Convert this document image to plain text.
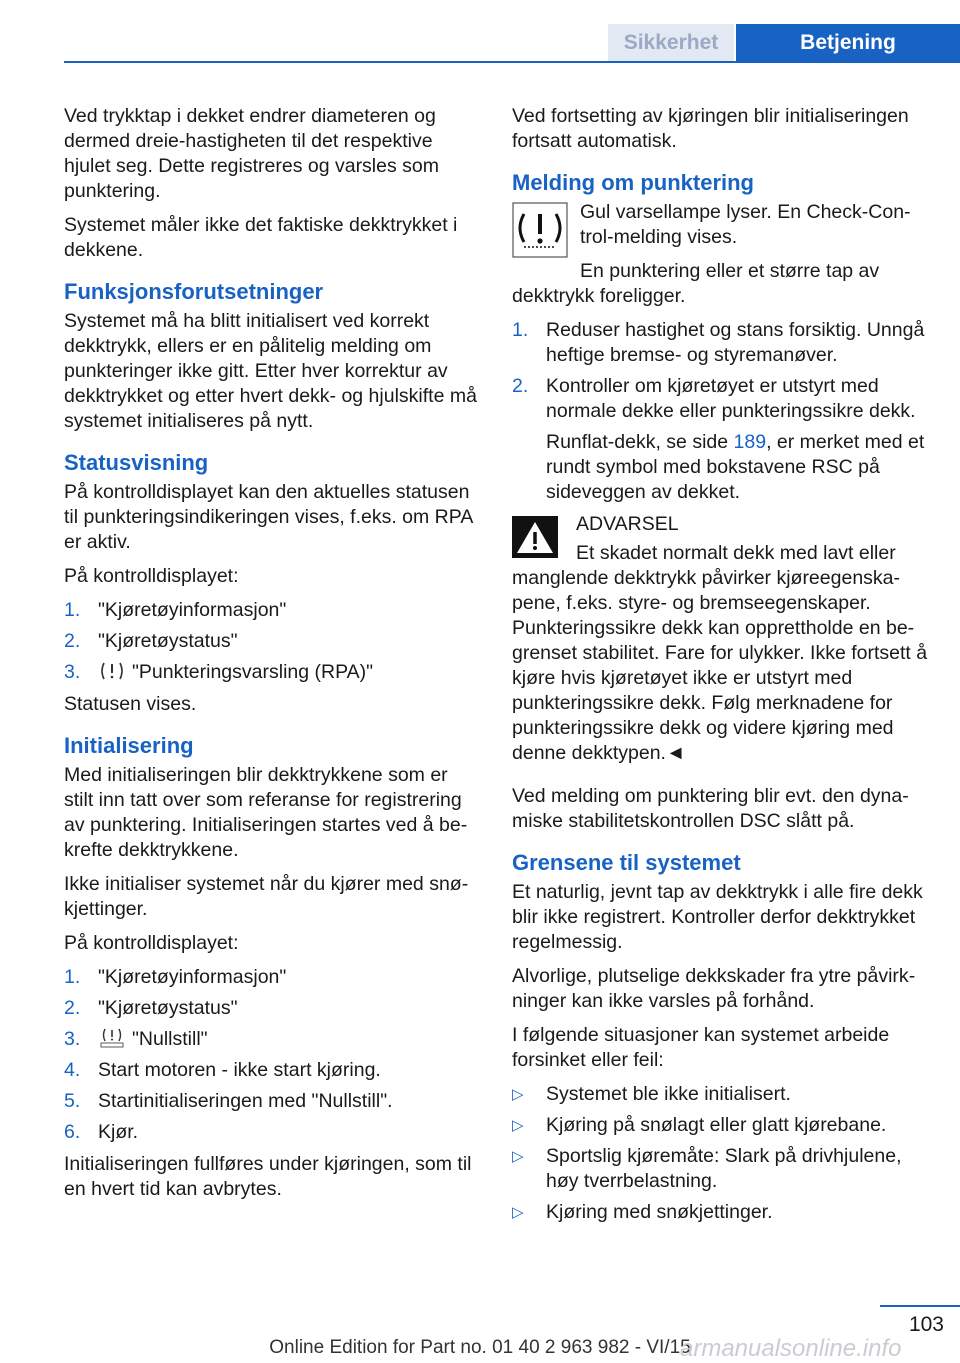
Sikkerhet	Betjening

Ved trykktap i dekket endrer diameteren og dermed dreie-hastigheten til det respektive hjulet seg. Dette registreres og varsles som punktering.

Systemet måler ikke det faktiske dekktrykket i dekkene.

Funksjonsforutsetninger

Systemet må ha blitt initialisert ved korrekt dekktrykk, ellers er en pålitelig melding om punkteringer ikke gitt. Etter hver korrektur av dekktrykket og etter hvert dekk- og hjulskifte må systemet initialiseres på nytt.

Statusvisning

På kontrolldisplayet kan den aktuelles statusen til punkteringsindikeringen vises, f.eks. om RPA er aktiv.

På kontrolldisplayet:

1. "Kjøretøyinformasjon"
2. "Kjøretøystatus"
3.	"Punkteringsvarsling (RPA)"

Statusen vises.

Initialisering

Med initialiseringen blir dekktrykkene som er stilt inn tatt over som referanse for registrering av punktering. Initialiseringen startes ved å bekrefte dekktrykkene.

Ikke initialiser systemet når du kjører med snøkjettinger.

På kontrolldisplayet:

1. "Kjøretøyinformasjon"
2. "Kjøretøystatus"
3.	"Nullstill"
4. Start motoren - ikke start kjøring.
5. Startinitialiseringen med "Nullstill".
6. Kjør.

Initialiseringen fullføres under kjøringen, som til en hvert tid kan avbrytes.

Ved fortsetting av kjøringen blir initialiseringen fortsatt automatisk.

Melding om punktering

Gul varsellampe lyser. En Check-Control-melding vises.

En punktering eller et større tap av dekktrykk foreligger.

1. Reduser hastighet og stans forsiktig. Unngå heftige bremse- og styremanøver.
2. Kontroller om kjøretøyet er utstyrt med normale dekke eller punkteringssikre dekk.

Runflat-dekk, se side 189, er merket med et rundt symbol med bokstavene RSC på sideveggen av dekket.

ADVARSEL

Et skadet normalt dekk med lavt eller manglende dekktrykk påvirker kjøreegenskapene, f.eks. styre- og bremseegenskaper. Punkteringssikre dekk kan opprettholde en begrenset stabilitet. Fare for ulykker. Ikke fortsett å kjøre hvis kjøretøyet ikke er utstyrt med punkteringssikre dekk. Følg merknadene for punkteringssikre dekk og videre kjøring med denne dekktypen.◄

Ved melding om punktering blir evt. den dynamiske stabilitetskontrollen DSC slått på.

Grensene til systemet

Et naturlig, jevnt tap av dekktrykk i alle fire dekk blir ikke registrert. Kontroller derfor dekktrykket regelmessig.

Alvorlige, plutselige dekkskader fra ytre påvirkninger kan ikke varsles på forhånd.

I følgende situasjoner kan systemet arbeide forsinket eller feil:

▷ Systemet ble ikke initialisert.
▷ Kjøring på snølagt eller glatt kjørebane.
▷ Sportslig kjøremåte: Slark på drivhjulene, høy tverrbelastning.
▷ Kjøring med snøkjettinger.
103
Online Edition for Part no. 01 40 2 963 982 - VI/15
armanualsonline.info
